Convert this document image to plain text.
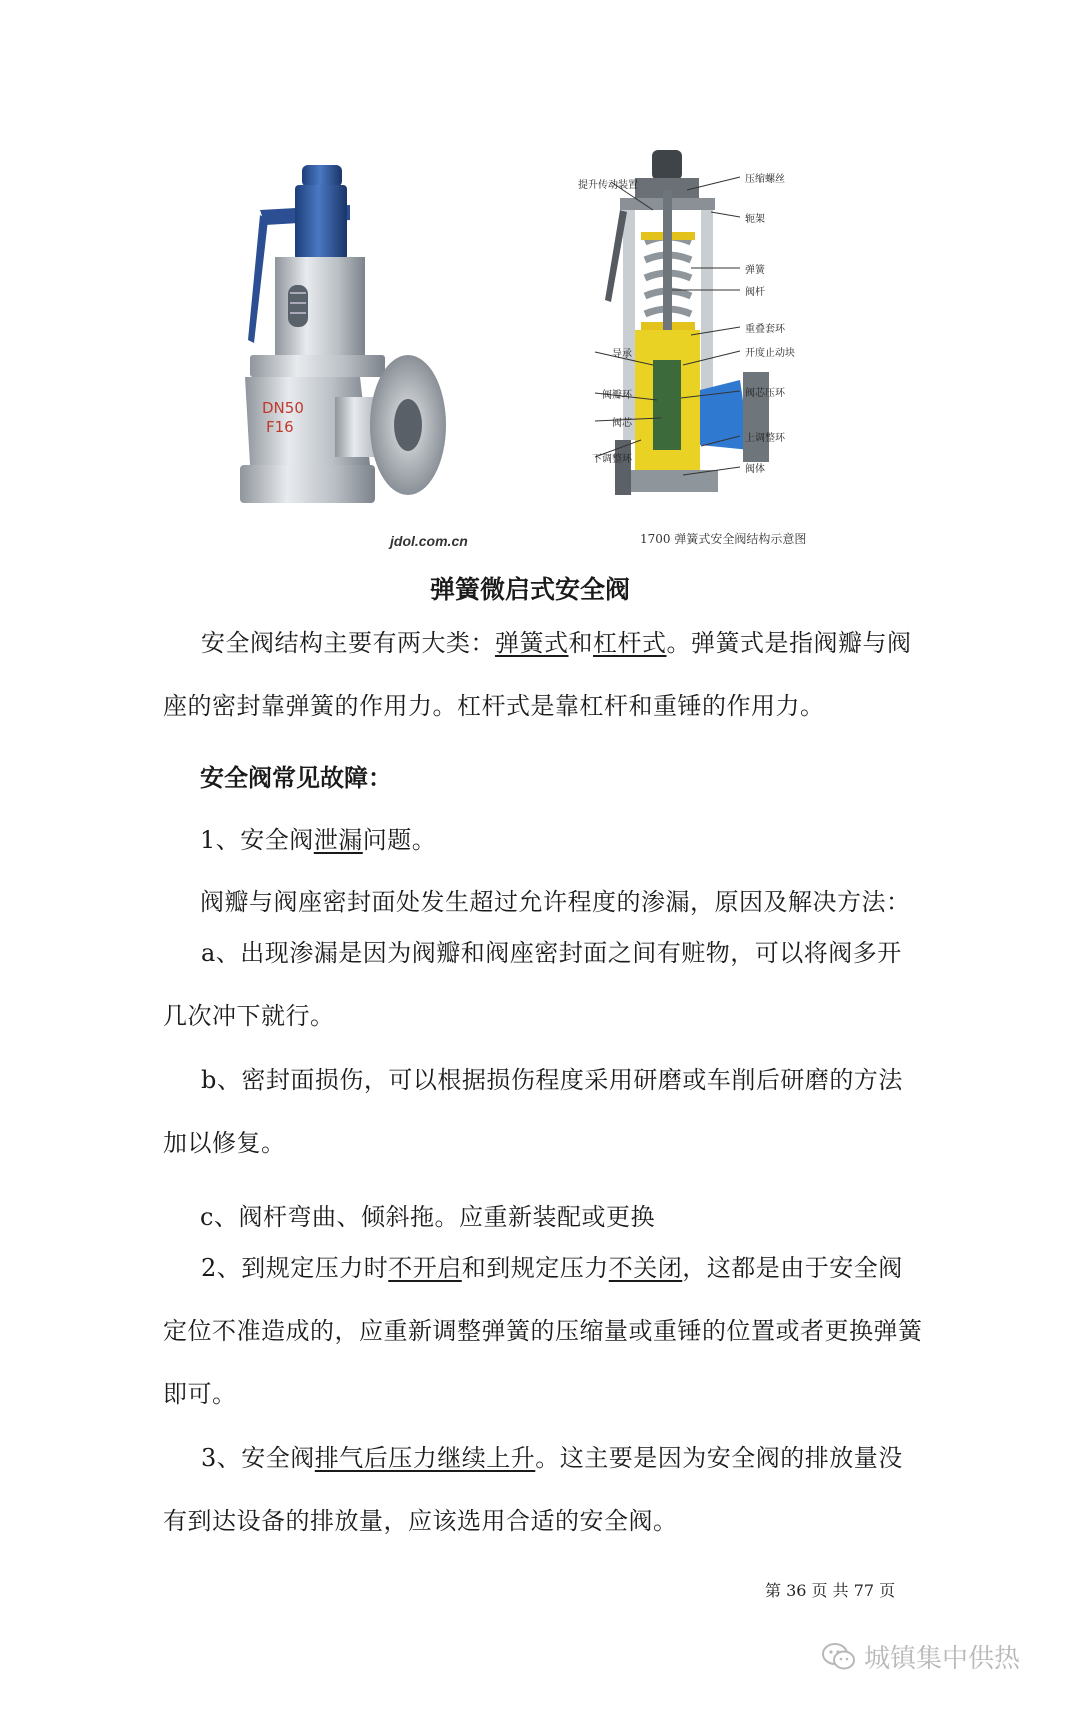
DN50
F16
jdol.com.cn
提升传动装置
压缩螺丝
轭架
弹簧
阀杆
重叠套环
导承	开度止动块
阀瓣环	阀芯压环
阀芯
上调整环
下调整环
阀体
1700 弹簧式安全阀结构示意图
弹簧微启式安全阀
安全阀结构主要有两大类：弹簧式和杠杆式。弹簧式是指阀瓣与阀座的密封靠弹簧的作用力。杠杆式是靠杠杆和重锤的作用力。
安全阀常见故障：
1、安全阀泄漏问题。
阀瓣与阀座密封面处发生超过允许程度的渗漏，原因及解决方法：
a、出现渗漏是因为阀瓣和阀座密封面之间有赃物，可以将阀多开几次冲下就行。
b、密封面损伤，可以根据损伤程度采用研磨或车削后研磨的方法加以修复。
c、阀杆弯曲、倾斜拖。应重新装配或更换
2、到规定压力时不开启和到规定压力不关闭，这都是由于安全阀定位不准造成的，应重新调整弹簧的压缩量或重锤的位置或者更换弹簧即可。
3、安全阀排气后压力继续上升。这主要是因为安全阀的排放量没有到达设备的排放量，应该选用合适的安全阀。
第 36 页 共 77 页
城镇集中供热
